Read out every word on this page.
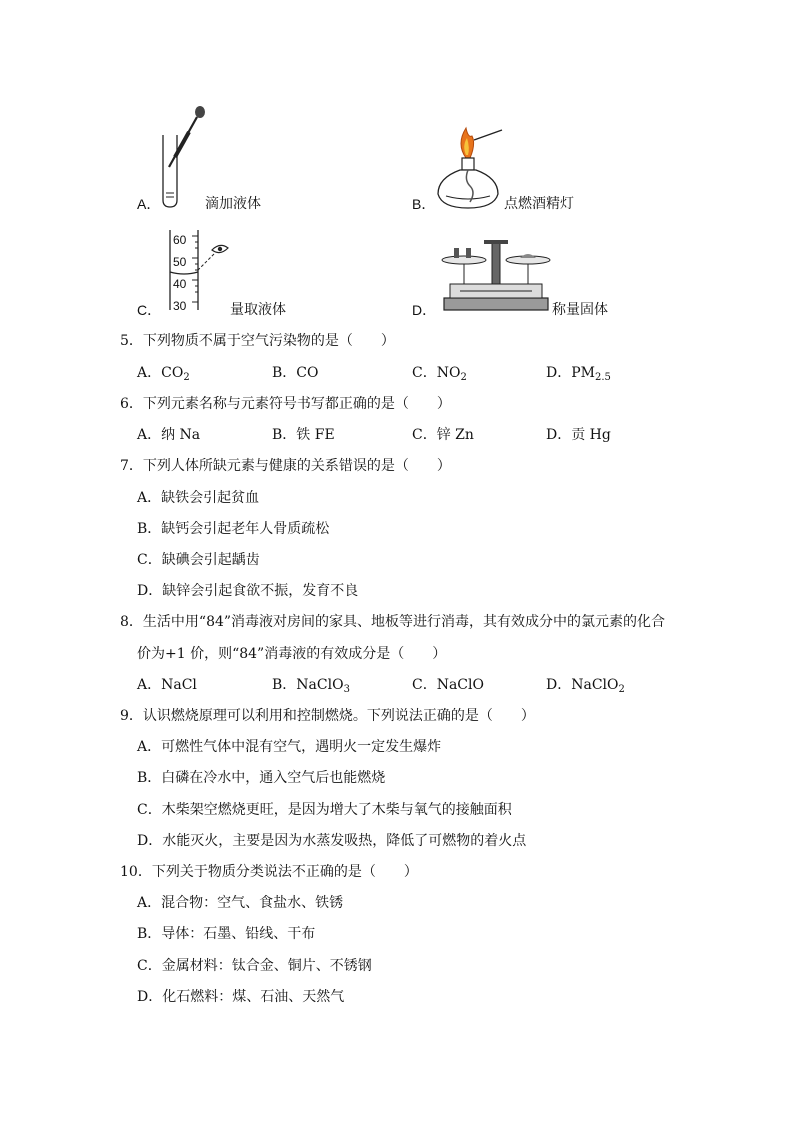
A．	滴加液体	B．	点燃酒精灯
60
50
40
30
C．	量取液体	D．	称量固体
5．下列物质不属于空气污染物的是（　　）
A．$CO_2$	B．CO	C．$NO_2$	D．$PM_{2.5}$
6．下列元素名称与元素符号书写都正确的是（　　）
A．纳 Na	B．铁 FE	C．锌 Zn	D．贡 Hg
7．下列人体所缺元素与健康的关系错误的是（　　）
A．缺铁会引起贫血
B．缺钙会引起老年人骨质疏松
C．缺碘会引起龋齿
D．缺锌会引起食欲不振，发育不良
8．生活中用“84”消毒液对房间的家具、地板等进行消毒，其有效成分中的氯元素的化合
价为+1 价，则“84”消毒液的有效成分是（　　）
A．NaCl	B．NaClO$_3$	C．NaClO	D．NaClO$_2$
9．认识燃烧原理可以利用和控制燃烧。下列说法正确的是（　　）
A．可燃性气体中混有空气，遇明火一定发生爆炸
B．白磷在冷水中，通入空气后也能燃烧
C．木柴架空燃烧更旺，是因为增大了木柴与氧气的接触面积
D．水能灭火，主要是因为水蒸发吸热，降低了可燃物的着火点
10．下列关于物质分类说法不正确的是（　　）
A．混合物：空气、食盐水、铁锈
B．导体：石墨、铅线、干布
C．金属材料：钛合金、铜片、不锈钢
D．化石燃料：煤、石油、天然气
